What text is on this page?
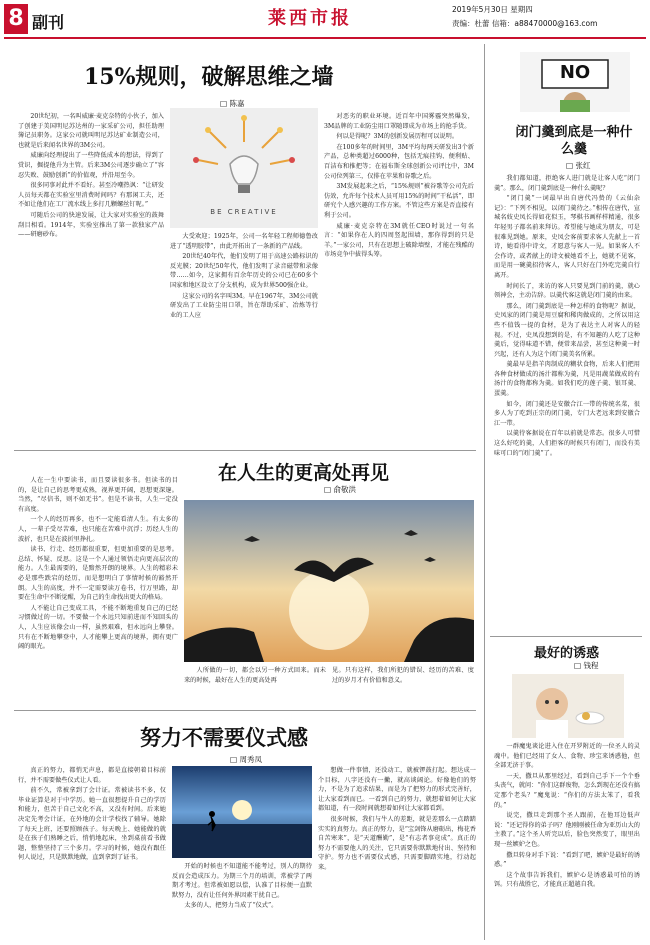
8 副刊	莱西市报	2019年5月30日 星期四
责编：杜蕾 信箱：a88470000@163.com
15%规则，破解思维之墙
□ 陈嘉

20世纪初，一名叫威廉·麦克奈特的小伙子，加入了创建于美国明尼苏达州的一家采矿公司，担任助理簿记员职务。这家公司就叫明尼苏达矿业制造公司，也就是后来闻名世界的3M公司。

威廉向经理提出了一些降低成本的想法，得到了赏识，掘提他升为主管。后来3M公司逐步确立了“容忍失败、鼓励创新”的价值观，并沿用至今。

很多同事对此并不看好。甚至冷嘲热讽：“让研发人员每天都在实验室里消费时间吗？有那闲工夫，还不如让他们在工厂流水线上多打几颗螺丝钉呢。”

可随后公司的快速发展，让大家对实验室的鼓舞刮目相看。1914年，实验室推出了第一款独家产品——研磨砂布。

BE CREATIVE

大受欢迎；1925年，公司一名年轻工程师德鲁改进了“透明胶带”，由此开拓出了一条新的产品线。

20世纪40年代，他们发明了用于高速公路标识的反光膜；20世纪50年代，他们发明了录音磁带和录像带……如今，这家拥有百余年历史的公司已在60多个国家和地区设立了分支机构，成为世界500强企业。

这家公司的名字叫3M。早在1967年，3M公司就研发出了工业防尘用口罩，旨在帮助采矿、冶炼等行业的工人应

对恶劣的职业环境。近百年中国雾霾突然爆发，3M品牌的工业防尘用口罩随即成为市场上的抢手货。

何以是得呢？3M的创新发展历程可以说明。

在100多年的时间里，3M平均每两天研发出3个新产品，总种类超过6000种，包括无痕挂钩、便利贴、百洁布和推把等；在福布斯全球创新公司评比中，3M公司位列第三，仅排在苹果和谷歌之后。

3M发展起来之后，“15%规则”被谷歌等公司先后仿效，允许每个技术人员可用15%的时间“干私活”，即研究个人感兴趣的工作方案。不管这些方案是否直接有利于公司。

威廉·麦克奈特在3M就任CEO时说过一句名言：“如果你在人的四周竖起围墙，那你得到的只是羊。”一家公司，只有在思想上破除墙壁，才能在残酷的市场竞争中拔得头筹。

NO
闭门羹到底是一种什么羹
□ 张红

我们都知道，拒绝客人进门就是让客人吃“闭门羹”。那么，闭门羹到底是一种什么羹呢？

“闭门羹”一词最早出自唐代冯贽的《云仙杂记》：“下列不相见，以闭门羹待之。”相传在唐代，宣城名妓史凤长得如花似玉，琴棋书画样样精通，很多年轻男子都名前来拜访。希望能与她成为朋友，可是很难见到她。原来，史凤会客前要求客人先献上一首诗，她看得中诗文，才愿意与客人一见。如果客人不会作诗，或者献上的诗文被她看不上，她就不见客，而是用一碗羹招待客人，客人只好在门外吃完羹自行离开。

时间长了，来访的客人只要见到门前的羹，就心领神会，主动告辞。以羹代客这就是闭门羹的由来。

那么，闭门羹到底是一种怎样的食物呢？据说，史凤家的闭门羹是用豆腐和稀肉做成的，之所以用这些不值钱一提的食材，是为了表达主人对客人的轻视。不过，史凤没想到的是，有不知趣的人吃了这种羹后，觉得味道不错，便常来品尝，甚至这种羹一时兴起，还有人为这个闭门羹美名所累。

羹最早是指羊肉制成的糊状食物，后来人们把用各种食材做成的汤汁都称为羹，凡是用蔬菜做成的有汤汁的食物都称为羹。如我们吃的莲子羹、银耳羹、蛋羹。

如今，闭门羹还是安徽合江一带的传统名菜，很多人为了吃到正宗的闭门羹，专门大老远来到安徽合江一带。

以羹待客据说在百年以前就是常态。很多人可惜这么好吃的羹，人们拒客的时候只有闭门，而没有美味可口的“闭门羹”了。

最好的诱惑
□ 钱程

一群魔鬼谈论进入住在开罗附近的一位圣人的灵魂中。他们已经用了女人、食物、珍宝来诱惑他，但全部无济于事。

一天，撒旦从那里经过，看到自己手下一个个垂头丧气，就问：“你们这群废物，怎么到现在还没有搞定那个老头？”魔鬼说：“你们的方法太笨了，看我的。”

说完，撒旦走到那个圣人跟前，在他耳边低声说：“还记得你的弟子吗？他刚刚被任命为亚历山大的主教了。”这个圣人听完以后，脸色突然变了，眼里出现一丝嫉妒之色。

撒旦转身对手下说：“看到了吧，嫉妒是最好的诱惑。”

这个故事告诉我们，嫉妒心是诱惑最可怕的诱饵。只有战胜它，才能真正超越自我。

在人生的更高处再见
□ 俞敬洪

人在一生中要读书，而且要读很多书。但读书的目的，是让自己的思考更成熟，视界更开阔，思想更深邃。当然，“尽信书，则不如无书”。但是不读书，人生一定没有高度。

一个人的经历再多，也不一定能看清人生。有太多的人，一辈子受尽苦难，也只能在苦难中沉浮；历经人生的波折，也只是在波折里挣扎。

读书、行走、经历都很重要，但更加重要的是思考。总结、怀疑、反思。这是一个人通过领悟走向更高层次的能力。人生最需要的，是黯然开朗的境界。人生的精彩未必是那些跌宕的经历，而是想明白了事情时候的豁然开朗。人生的高度，并不一定需要读万卷书，行万里路，却要在生命中不断觉醒，为自己的生命找出更大的格局。

人不能让自己变成工具，不能不断地重复自己的已经习惯做过的一切。不要做一个永远只知前进而不知回头的人，人生应该像会山一样，虽然艰难，但永远向上攀登。只有在不断地攀登中，人才能攀上更高的境界，拥有更广阔的眼光。

人所做的一切，都会以另一种方式回来。而未来的时候，最好在人生的更高处再

见。只有这样，我们所犯的错误、经历的苦难、度过的岁月才有价值和意义。

努力不需要仪式感
□ 周秀凤

真正的努力，都悄无声息，都是直接朝着目标前行，并不需要做些仪式让人看。

前不久，常被拿到了会计证。常被读书不多，仅毕业证算是对于中学历。她一直很想提升自己的学历和能力，但苦于自己文化不高，又没有时间。后来她决定先考会计证，在外地的会计学校找了辅导。她除了每天上班，还要照顾孩子。每天晚上、她能做的就是在孩子们熟睡之后，悄悄地起床，坐到桌前看书做题，整整坚持了三个多月。学习的时候，她没有跟任何人说过，只是默默地做，直到拿到了证书。

开始的时候也不知道能不能考过，别人的期待反而会造成压力。为期三个月的培训，常被学了两期才考过。但常被如愿以偿，认准了目标便一直默默努力，没有让任何外界因素干扰自己。

太多的人，把努力当成了“仪式”。

想做一件事情，还没动工，就被锣鼓打起。想达成一个目标，八字还没有一撇，就高谈阔论。好像他们的努力，不是为了追求结果，而是为了把努力的形式完善好，让大家看到而已。一看到自己的努力，就想着如何让大家都知道，有一段时间就想着如何让大家都看到。

很多时候，我们与牛人的差距，就是差那么一点踏踏实实的真努力。真正的努力，是“宝剑锋从磨砺出，梅花香自苦寒来”，是“天道酬勤”，是“有志者事竟成”。真正的努力不需要他人的关注，它只需要你默默地付出、坚持和守护。努力也不需要仪式感，只需要脚踏实地，行动起来。
